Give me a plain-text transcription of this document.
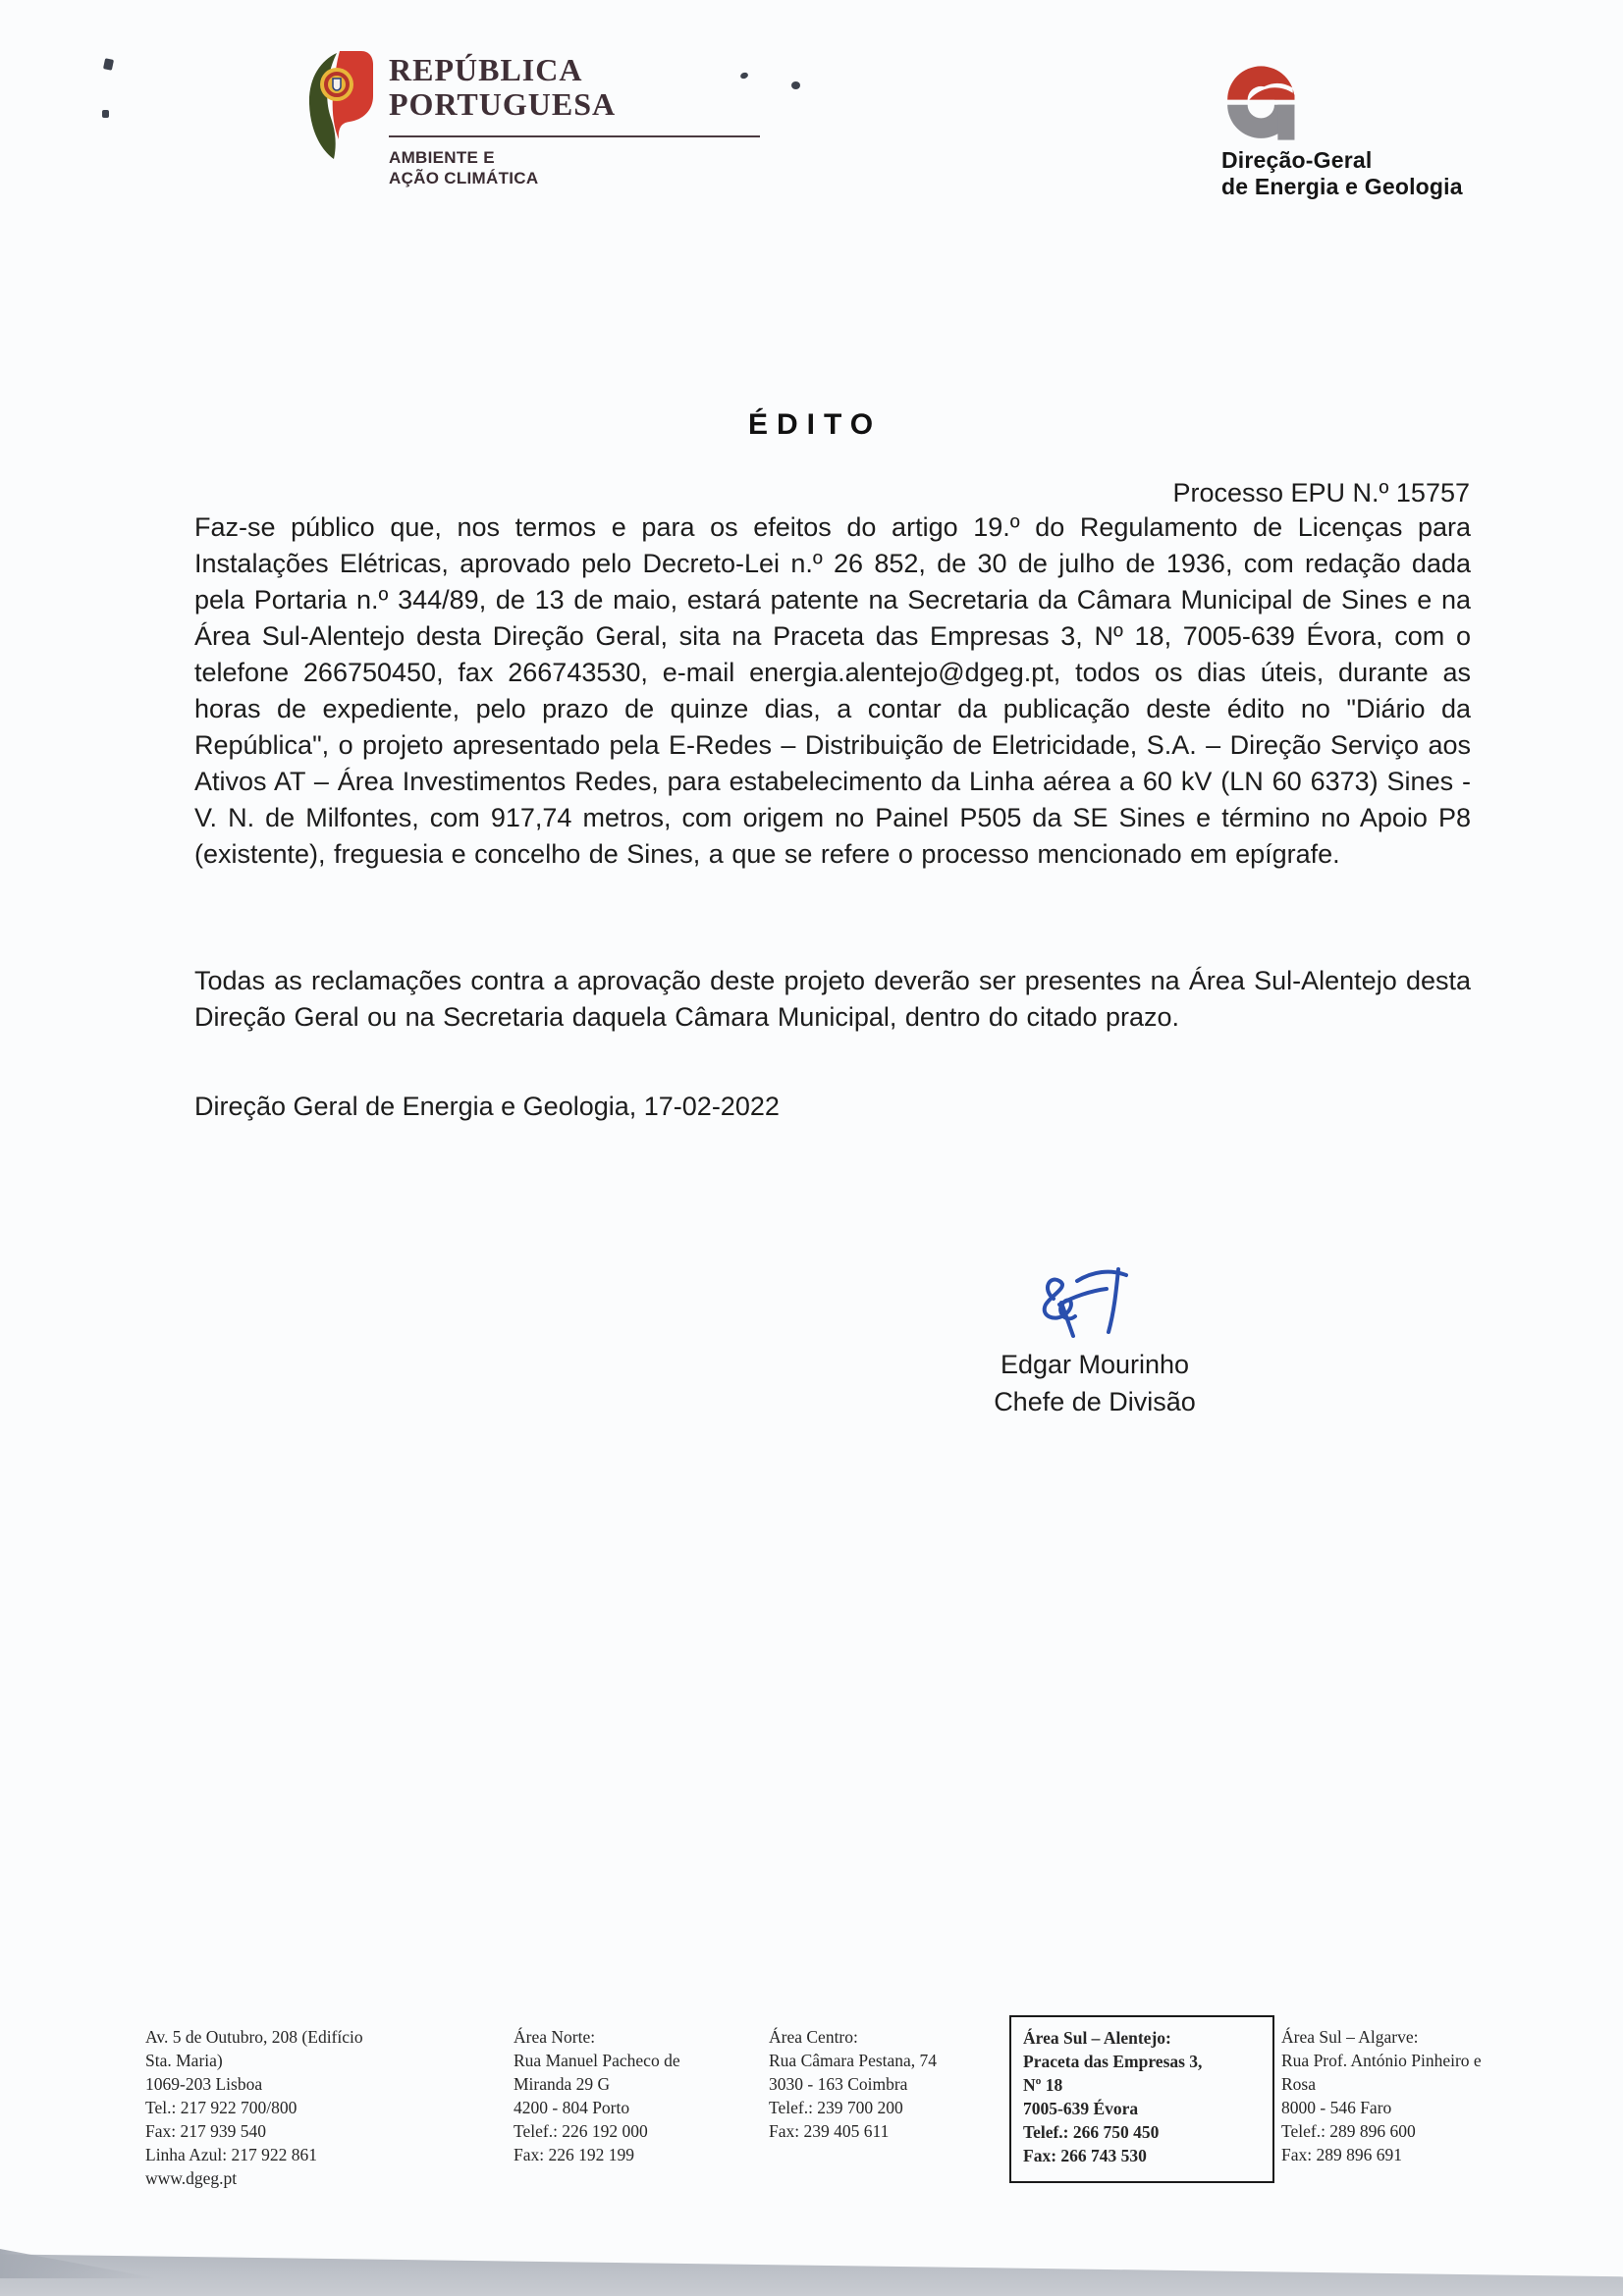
REPÚBLICA
PORTUGUESA
AMBIENTE E
AÇÃO CLIMÁTICA
Direção-Geral
de Energia e Geologia
ÉDITO
Processo EPU N.º 15757
Faz-se público que, nos termos e para os efeitos do artigo 19.º do Regulamento de Licenças para Instalações Elétricas, aprovado pelo Decreto-Lei n.º 26 852, de 30 de julho de 1936, com redação dada pela Portaria n.º 344/89, de 13 de maio, estará patente na Secretaria da Câmara Municipal de Sines e na Área Sul-Alentejo desta Direção Geral, sita na Praceta das Empresas 3, Nº 18, 7005-639 Évora, com o telefone 266750450, fax 266743530, e-mail energia.alentejo@dgeg.pt, todos os dias úteis, durante as horas de expediente, pelo prazo de quinze dias, a contar da publicação deste édito no "Diário da República", o projeto apresentado pela E-Redes – Distribuição de Eletricidade, S.A. – Direção Serviço aos Ativos AT – Área Investimentos Redes, para estabelecimento da Linha aérea a 60 kV (LN 60 6373) Sines - V. N. de Milfontes, com 917,74 metros, com origem no Painel P505 da SE Sines e término no Apoio P8 (existente), freguesia e concelho de Sines, a que se refere o processo mencionado em epígrafe.
Todas as reclamações contra a aprovação deste projeto deverão ser presentes na Área Sul-Alentejo desta Direção Geral ou na Secretaria daquela Câmara Municipal, dentro do citado prazo.
Direção Geral de Energia e Geologia, 17-02-2022
Edgar Mourinho
Chefe de Divisão
Av. 5 de Outubro, 208 (Edifício
Sta. Maria)
1069-203 Lisboa
Tel.: 217 922 700/800
Fax: 217 939 540
Linha Azul: 217 922 861
www.dgeg.pt
Área Norte:
Rua Manuel Pacheco de
Miranda 29 G
4200 - 804 Porto
Telef.: 226 192 000
Fax: 226 192 199
Área Centro:
Rua Câmara Pestana, 74
3030 - 163 Coimbra
Telef.: 239 700 200
Fax: 239 405 611
Área Sul – Alentejo:
Praceta das Empresas 3,
Nº 18
7005-639 Évora
Telef.: 266 750 450
Fax: 266 743 530
Área Sul – Algarve:
Rua Prof. António Pinheiro e
Rosa
8000 - 546 Faro
Telef.: 289 896 600
Fax: 289 896 691
